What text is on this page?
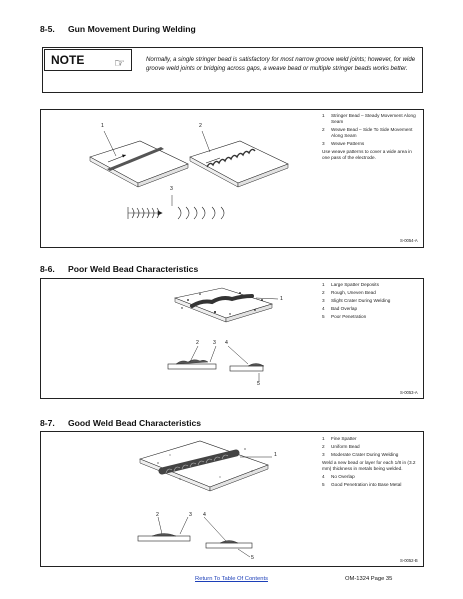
8-5. Gun Movement During Welding
NOTE ☞	Normally, a single stringer bead is satisfactory for most narrow groove weld joints; however, for wide groove weld joints or bridging across gaps, a weave bead or multiple stringer beads works better.
1	2
3
1	Stringer Bead – Steady Movement Along Seam
2	Weave Bead – Side To Side Movement Along Seam
3	Weave Patterns
Use weave patterns to cover a wide area in one pass of the electrode.
S-0054-A
8-6. Poor Weld Bead Characteristics
1
2	3 4
5
1	Large Spatter Deposits
2	Rough, Uneven Bead
3	Slight Crater During Welding
4	Bad Overlap
5	Poor Penetration
S-0053-A
8-7. Good Weld Bead Characteristics
1
2	3 4
5
1	Fine Spatter
2	Uniform Bead
3	Moderate Crater During Welding
Weld a new bead or layer for each 1/8 in (3.2 mm) thickness in metals being welded.
4	No Overlap
5	Good Penetration into Base Metal
S-0052-B
Return To Table Of Contents	OM-1324 Page 35
